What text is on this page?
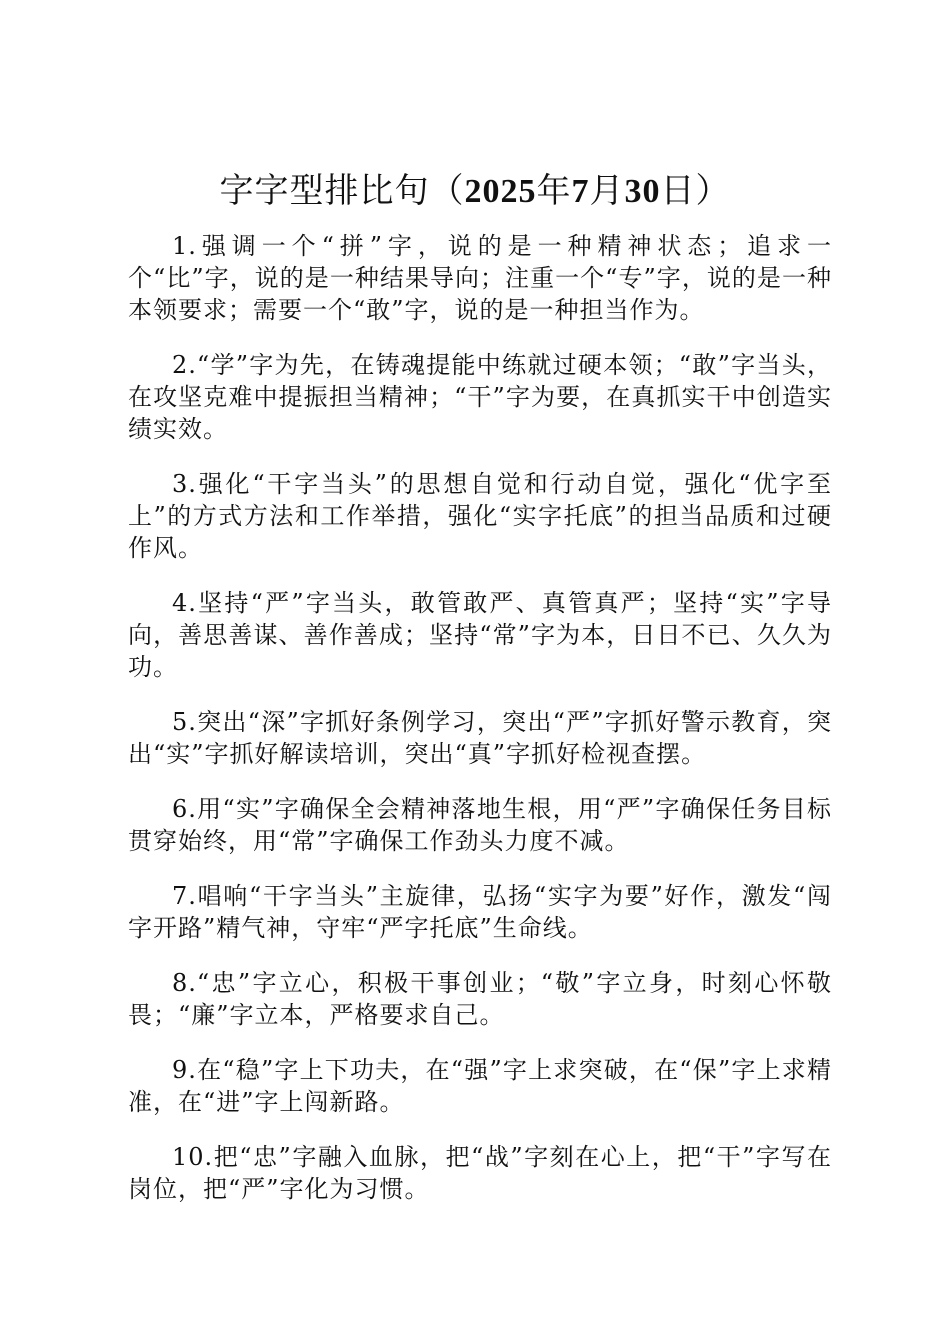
字字型排比句（2025年7月30日）

1.强调一个“拼”字，说的是一种精神状态；追求一个“比”字，说的是一种结果导向；注重一个“专”字，说的是一种本领要求；需要一个“敢”字，说的是一种担当作为。

2.“学”字为先，在铸魂提能中练就过硬本领；“敢”字当头，在攻坚克难中提振担当精神；“干”字为要，在真抓实干中创造实绩实效。

3.强化“干字当头”的思想自觉和行动自觉，强化“优字至上”的方式方法和工作举措，强化“实字托底”的担当品质和过硬作风。

4.坚持“严”字当头，敢管敢严、真管真严；坚持“实”字导向，善思善谋、善作善成；坚持“常”字为本，日日不已、久久为功。

5.突出“深”字抓好条例学习，突出“严”字抓好警示教育，突出“实”字抓好解读培训，突出“真”字抓好检视查摆。

6.用“实”字确保全会精神落地生根，用“严”字确保任务目标贯穿始终，用“常”字确保工作劲头力度不减。

7.唱响“干字当头”主旋律，弘扬“实字为要”好作，激发“闯字开路”精气神，守牢“严字托底”生命线。

8.“忠”字立心，积极干事创业；“敬”字立身，时刻心怀敬畏；“廉”字立本，严格要求自己。

9.在“稳”字上下功夫，在“强”字上求突破，在“保”字上求精准，在“进”字上闯新路。

10.把“忠”字融入血脉，把“战”字刻在心上，把“干”字写在岗位，把“严”字化为习惯。
